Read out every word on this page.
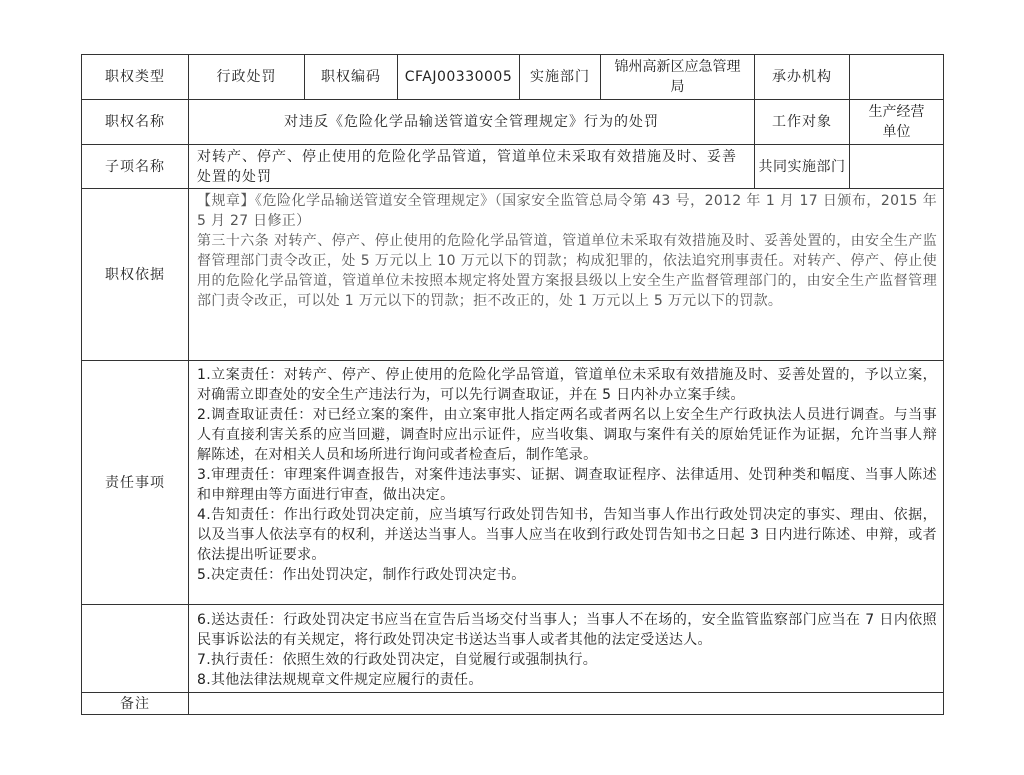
职权类型	行政处罚	职权编码	CFAJ00330005	实施部门	锦州高新区应急管理局	承办机构	
职权名称	对违反《危险化学品输送管道安全管理规定》行为的处罚					工作对象	生产经营单位
子项名称	对转产、停产、停止使用的危险化学品管道，管道单位未采取有效措施及时、妥善处置的处罚					共同实施部门	
职权依据	【规章】《危险化学品输送管道安全管理规定》（国家安全监管总局令第 43 号，2012 年 1 月 17 日颁布，2015 年 5 月 27 日修正）

第三十六条 对转产、停产、停止使用的危险化学品管道，管道单位未采取有效措施及时、妥善处置的，由安全生产监督管理部门责令改正，处 5 万元以上 10 万元以下的罚款；构成犯罪的，依法追究刑事责任。对转产、停产、停止使用的危险化学品管道，管道单位未按照本规定将处置方案报县级以上安全生产监督管理部门的，由安全生产监督管理部门责令改正，可以处 1 万元以下的罚款；拒不改正的，处 1 万元以上 5 万元以下的罚款。						

责任事项	1.立案责任：对转产、停产、停止使用的危险化学品管道，管道单位未采取有效措施及时、妥善处置的，予以立案，对确需立即查处的安全生产违法行为，可以先行调查取证，并在 5 日内补办立案手续。

2.调查取证责任：对已经立案的案件，由立案审批人指定两名或者两名以上安全生产行政执法人员进行调查。与当事人有直接利害关系的应当回避，调查时应出示证件，应当收集、调取与案件有关的原始凭证作为证据，允许当事人辩解陈述，在对相关人员和场所进行询问或者检查后，制作笔录。

3.审理责任：审理案件调查报告，对案件违法事实、证据、调查取证程序、法律适用、处罚种类和幅度、当事人陈述和申辩理由等方面进行审查，做出决定。

4.告知责任：作出行政处罚决定前，应当填写行政处罚告知书，告知当事人作出行政处罚决定的事实、理由、依据，以及当事人依法享有的权利，并送达当事人。当事人应当在收到行政处罚告知书之日起 3 日内进行陈述、申辩，或者依法提出听证要求。

5.决定责任：作出处罚决定，制作行政处罚决定书。						

	6.送达责任：行政处罚决定书应当在宣告后当场交付当事人；当事人不在场的，安全监管监察部门应当在 7 日内依照民事诉讼法的有关规定，将行政处罚决定书送达当事人或者其他的法定受送达人。

7.执行责任：依照生效的行政处罚决定，自觉履行或强制执行。

8.其他法律法规规章文件规定应履行的责任。						

备注							
